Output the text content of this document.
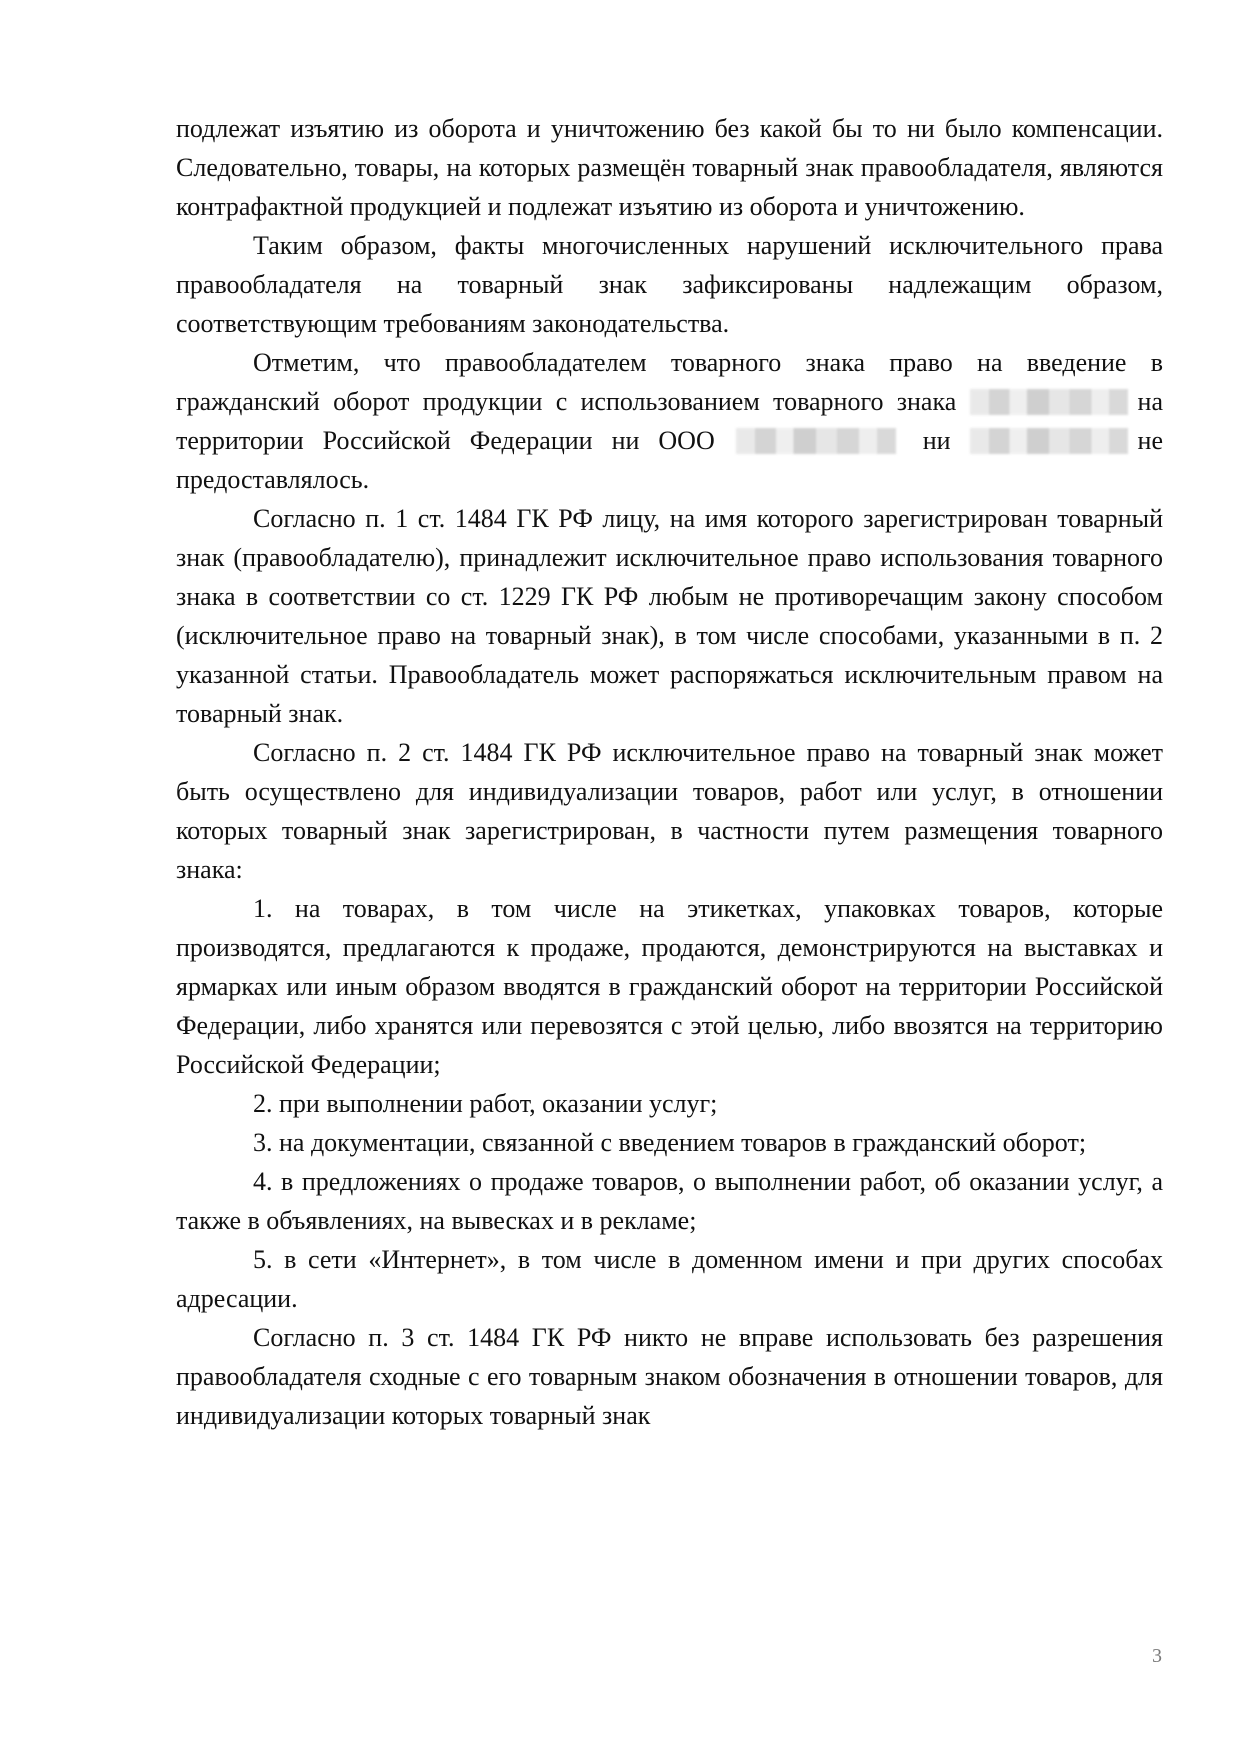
подлежат изъятию из оборота и уничтожению без какой бы то ни было компенсации. Следовательно, товары, на которых размещён товарный знак правообладателя, являются контрафактной продукцией и подлежат изъятию из оборота и уничтожению.

Таким образом, факты многочисленных нарушений исключительного права правообладателя на товарный знак зафиксированы надлежащим образом, соответствующим требованиям законодательства.

Отметим, что правообладателем товарного знака право на введение в гражданский оборот продукции с использованием товарного знака	на территории Российской Федерации ни ООО	ни	не предоставлялось.

Согласно п. 1 ст. 1484 ГК РФ лицу, на имя которого зарегистрирован товарный знак (правообладателю), принадлежит исключительное право использования товарного знака в соответствии со ст. 1229 ГК РФ любым не противоречащим закону способом (исключительное право на товарный знак), в том числе способами, указанными в п. 2 указанной статьи. Правообладатель может распоряжаться исключительным правом на товарный знак.

Согласно п. 2 ст. 1484 ГК РФ исключительное право на товарный знак может быть осуществлено для индивидуализации товаров, работ или услуг, в отношении которых товарный знак зарегистрирован, в частности путем размещения товарного знака:

1. на товарах, в том числе на этикетках, упаковках товаров, которые производятся, предлагаются к продаже, продаются, демонстрируются на выставках и ярмарках или иным образом вводятся в гражданский оборот на территории Российской Федерации, либо хранятся или перевозятся с этой целью, либо ввозятся на территорию Российской Федерации;

2. при выполнении работ, оказании услуг;

3. на документации, связанной с введением товаров в гражданский оборот;

4. в предложениях о продаже товаров, о выполнении работ, об оказании услуг, а также в объявлениях, на вывесках и в рекламе;

5. в сети «Интернет», в том числе в доменном имени и при других способах адресации.

Согласно п. 3 ст. 1484 ГК РФ никто не вправе использовать без разрешения правообладателя сходные с его товарным знаком обозначения в отношении товаров, для индивидуализации которых товарный знак

3
